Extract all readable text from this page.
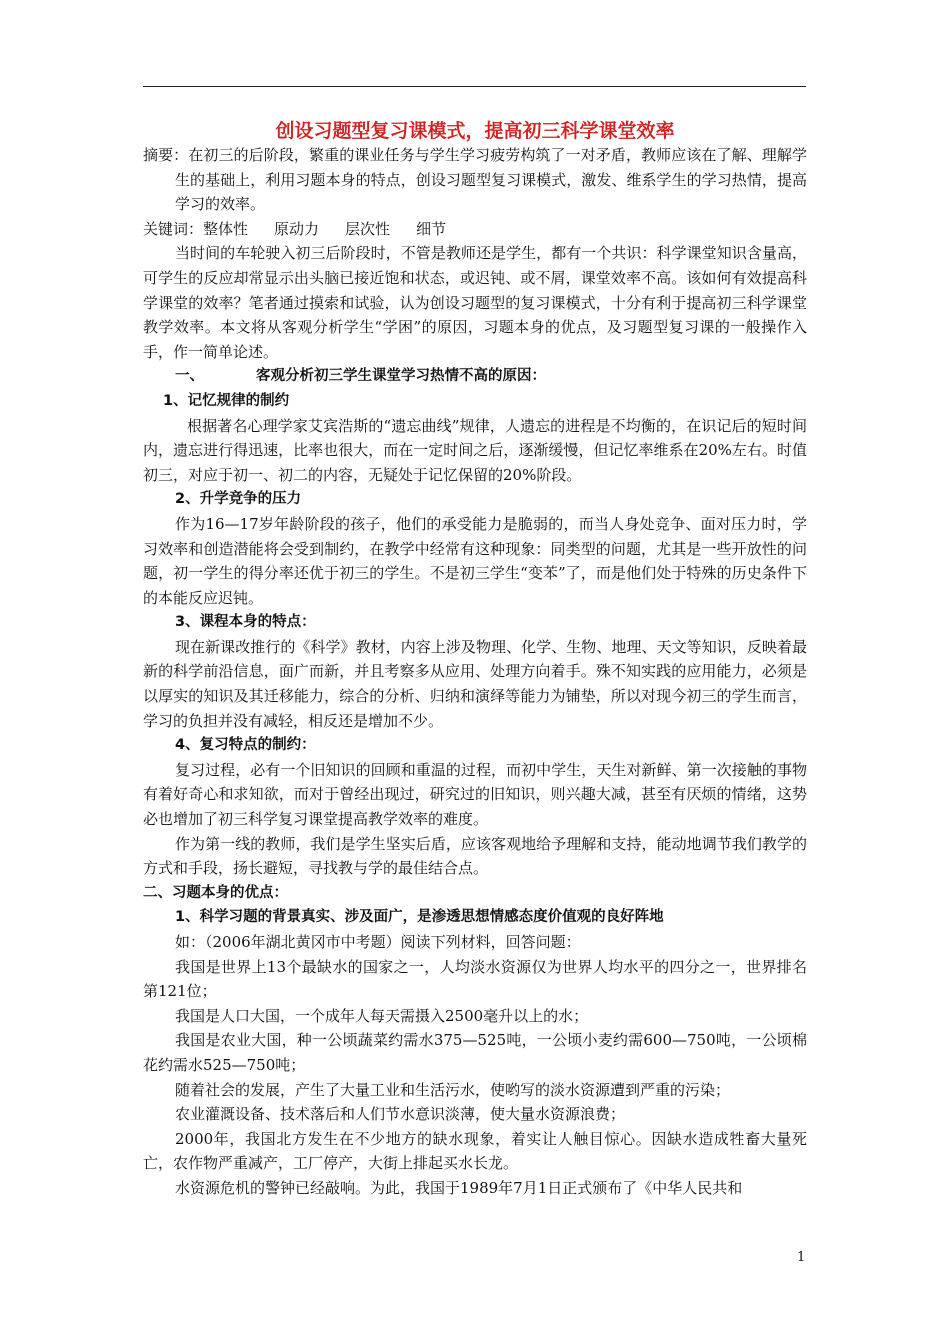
创设习题型复习课模式，提高初三科学课堂效率

摘要：在初三的后阶段，繁重的课业任务与学生学习疲劳构筑了一对矛盾，教师应该在了解、理解学生的基础上，利用习题本身的特点，创设习题型复习课模式，激发、维系学生的学习热情，提高学习的效率。

关键词：整体性 原动力 层次性 细节

当时间的车轮驶入初三后阶段时，不管是教师还是学生，都有一个共识：科学课堂知识含量高，可学生的反应却常显示出头脑已接近饱和状态，或迟钝、或不屑，课堂效率不高。该如何有效提高科学课堂的效率？笔者通过摸索和试验，认为创设习题型的复习课模式，十分有利于提高初三科学课堂教学效率。本文将从客观分析学生“学困”的原因，习题本身的优点，及习题型复习课的一般操作入手，作一简单论述。

一、	客观分析初三学生课堂学习热情不高的原因：

1、记忆规律的制约

根据著名心理学家艾宾浩斯的“遗忘曲线”规律，人遗忘的进程是不均衡的，在识记后的短时间内，遗忘进行得迅速，比率也很大，而在一定时间之后，逐渐缓慢，但记忆率维系在20%左右。时值初三，对应于初一、初二的内容，无疑处于记忆保留的20%阶段。

2、升学竞争的压力

作为16—17岁年龄阶段的孩子，他们的承受能力是脆弱的，而当人身处竞争、面对压力时，学习效率和创造潜能将会受到制约，在教学中经常有这种现象：同类型的问题，尤其是一些开放性的问题，初一学生的得分率还优于初三的学生。不是初三学生“变苯”了，而是他们处于特殊的历史条件下的本能反应迟钝。

3、课程本身的特点：

现在新课改推行的《科学》教材，内容上涉及物理、化学、生物、地理、天文等知识，反映着最新的科学前沿信息，面广而新，并且考察多从应用、处理方向着手。殊不知实践的应用能力，必须是以厚实的知识及其迁移能力，综合的分析、归纳和演绎等能力为铺垫，所以对现今初三的学生而言，学习的负担并没有减轻，相反还是增加不少。

4、复习特点的制约：

复习过程，必有一个旧知识的回顾和重温的过程，而初中学生，天生对新鲜、第一次接触的事物有着好奇心和求知欲，而对于曾经出现过，研究过的旧知识，则兴趣大减，甚至有厌烦的情绪，这势必也增加了初三科学复习课堂提高教学效率的难度。

作为第一线的教师，我们是学生坚实后盾，应该客观地给予理解和支持，能动地调节我们教学的方式和手段，扬长避短，寻找教与学的最佳结合点。

二、习题本身的优点：

1、科学习题的背景真实、涉及面广，是渗透思想情感态度价值观的良好阵地

如：（2006年湖北黄冈市中考题）阅读下列材料，回答问题：

我国是世界上13个最缺水的国家之一，人均淡水资源仅为世界人均水平的四分之一，世界排名第121位；

我国是人口大国，一个成年人每天需摄入2500毫升以上的水；

我国是农业大国，种一公顷蔬菜约需水375—525吨，一公顷小麦约需600—750吨，一公顷棉花约需水525—750吨；

随着社会的发展，产生了大量工业和生活污水，使哟写的淡水资源遭到严重的污染；

农业灌溉设备、技术落后和人们节水意识淡薄，使大量水资源浪费；

2000年，我国北方发生在不少地方的缺水现象，着实让人触目惊心。因缺水造成牲畜大量死亡，农作物严重减产，工厂停产，大街上排起买水长龙。

水资源危机的警钟已经敲响。为此，我国于1989年7月1日正式颁布了《中华人民共和

1
